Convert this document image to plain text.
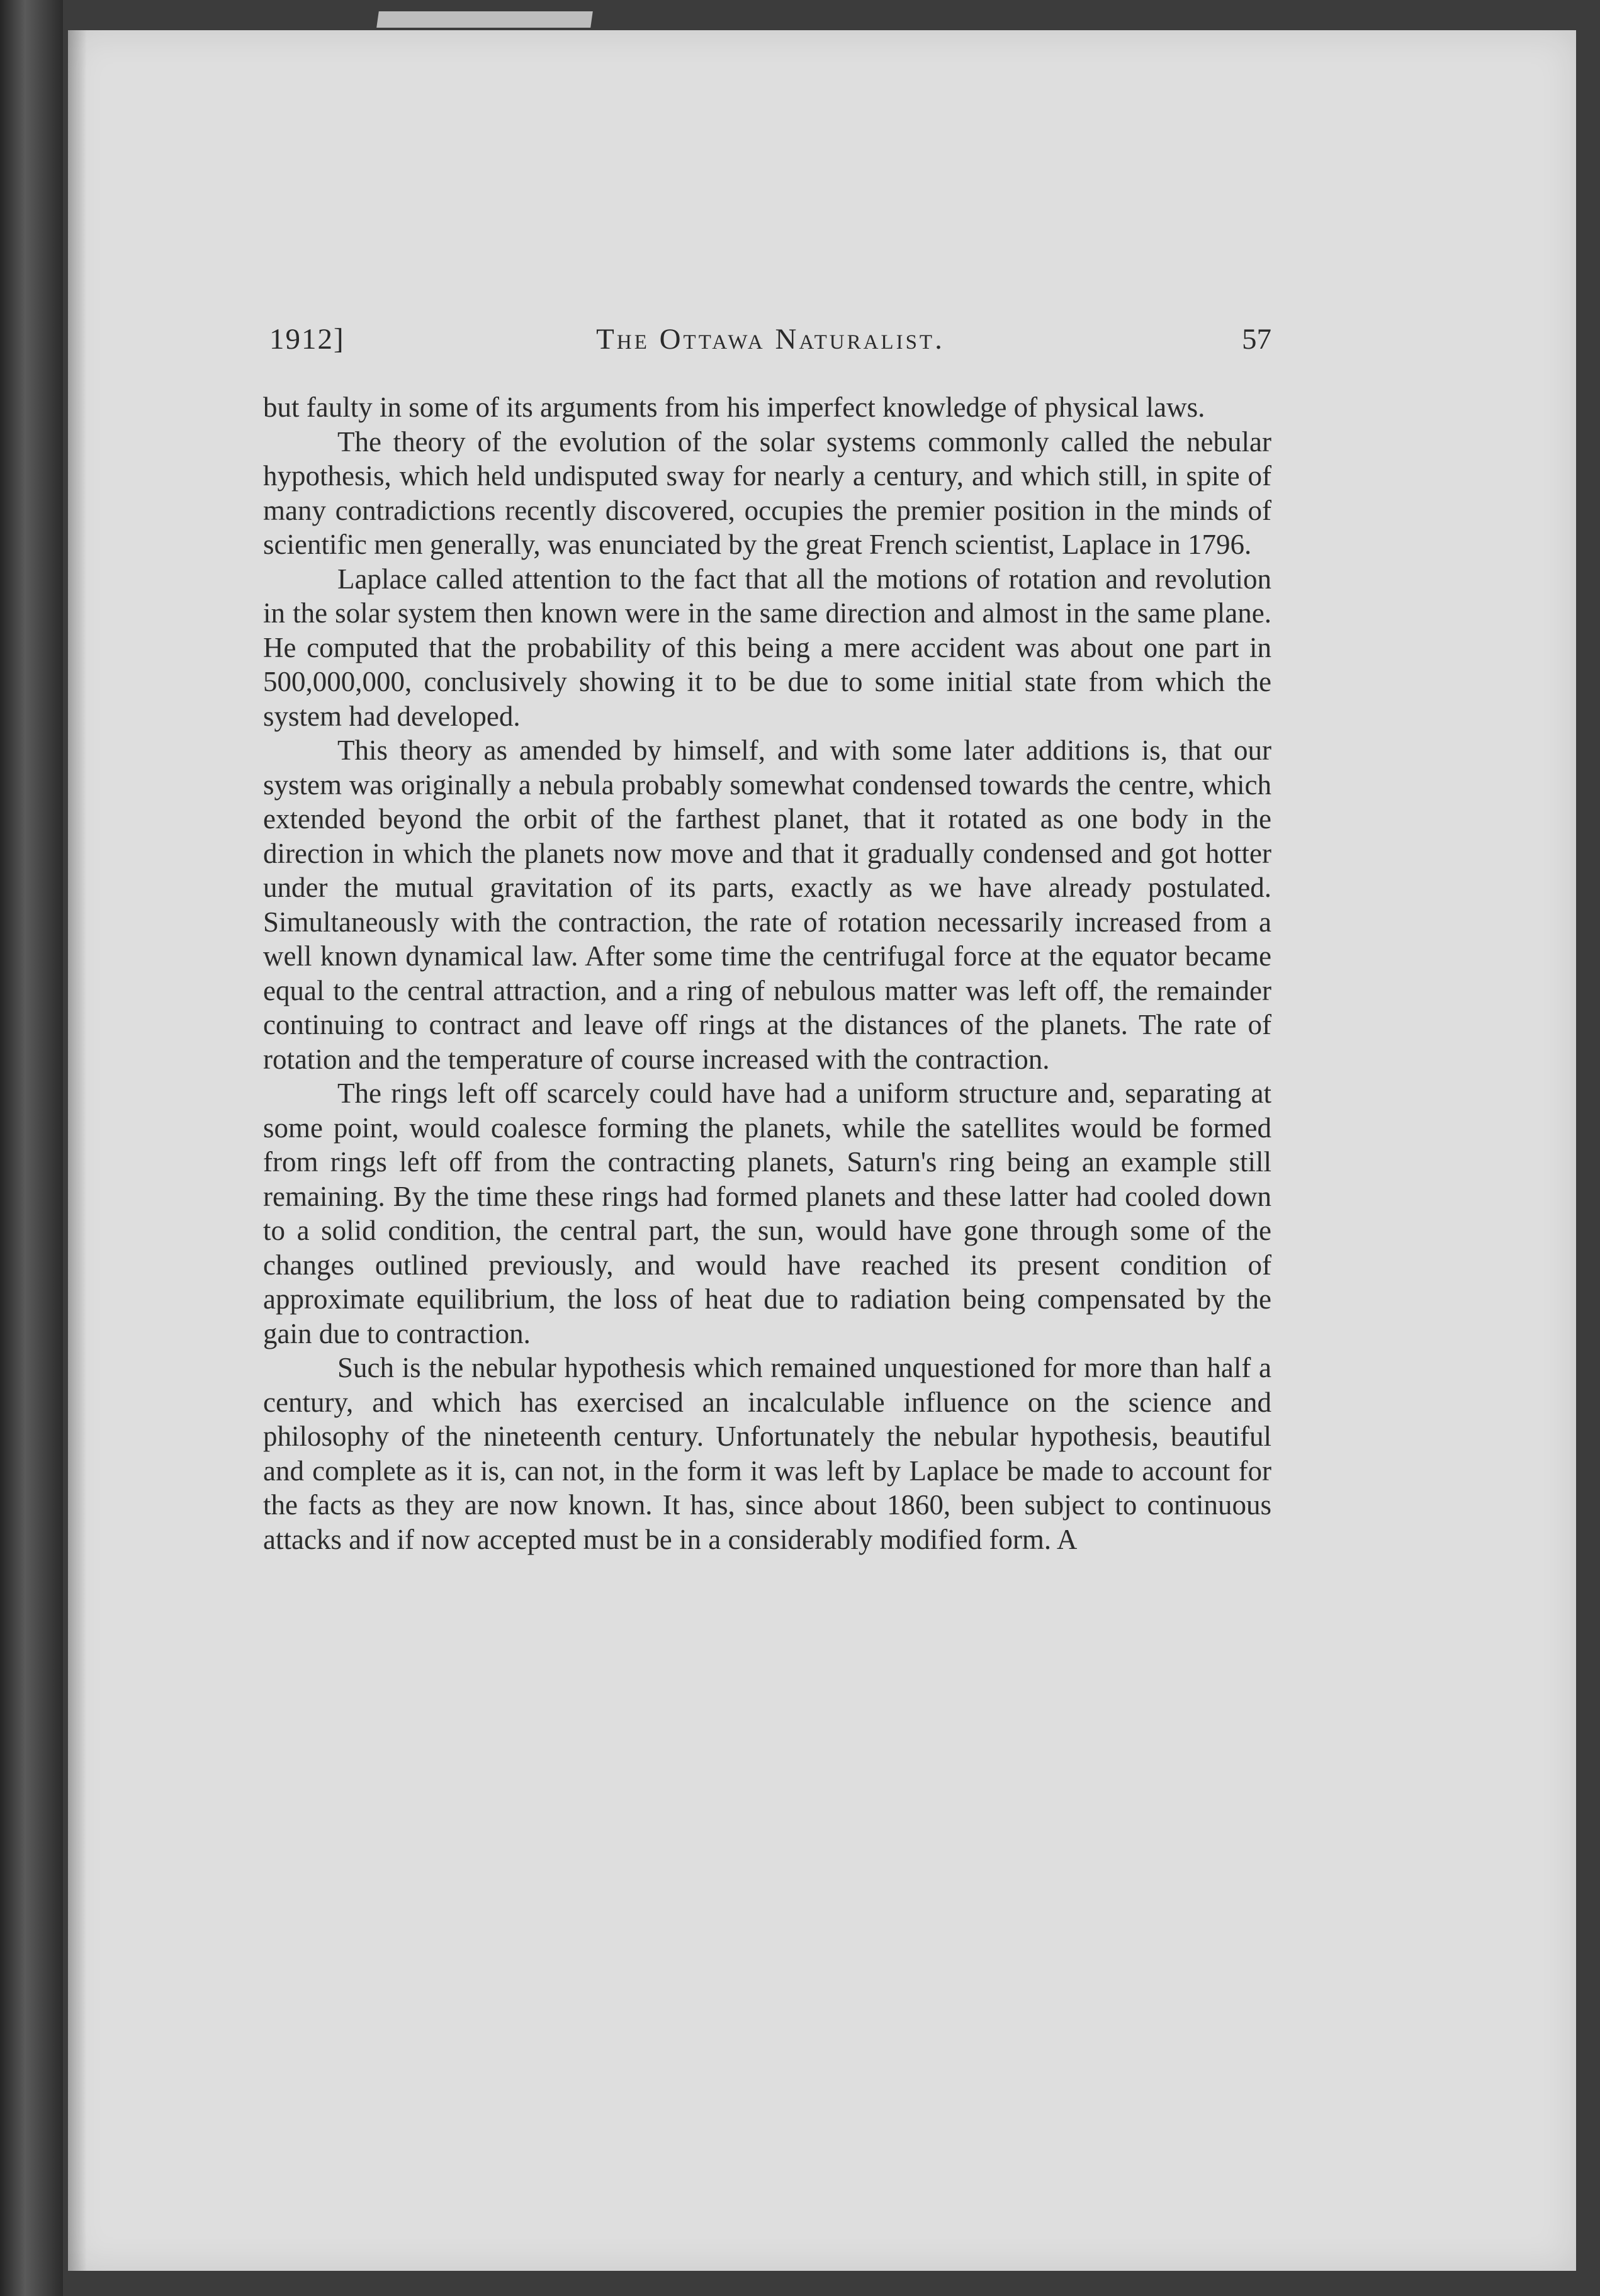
1912]	The Ottawa Naturalist.	57

but faulty in some of its arguments from his imperfect knowledge of physical laws.

The theory of the evolution of the solar systems commonly called the nebular hypothesis, which held undisputed sway for nearly a century, and which still, in spite of many contradictions recently discovered, occupies the premier position in the minds of scientific men generally, was enunciated by the great French scientist, Laplace in 1796.

Laplace called attention to the fact that all the motions of rotation and revolution in the solar system then known were in the same direction and almost in the same plane. He computed that the probability of this being a mere accident was about one part in 500,000,000, conclusively showing it to be due to some initial state from which the system had developed.

This theory as amended by himself, and with some later additions is, that our system was originally a nebula probably somewhat condensed towards the centre, which extended beyond the orbit of the farthest planet, that it rotated as one body in the direction in which the planets now move and that it gradually condensed and got hotter under the mutual gravitation of its parts, exactly as we have already postulated. Simultaneously with the contraction, the rate of rotation necessarily increased from a well known dynamical law. After some time the centrifugal force at the equator became equal to the central attraction, and a ring of nebulous matter was left off, the remainder continuing to contract and leave off rings at the distances of the planets. The rate of rotation and the temperature of course increased with the contraction.

The rings left off scarcely could have had a uniform structure and, separating at some point, would coalesce forming the planets, while the satellites would be formed from rings left off from the contracting planets, Saturn's ring being an example still remaining. By the time these rings had formed planets and these latter had cooled down to a solid condition, the central part, the sun, would have gone through some of the changes outlined previously, and would have reached its present condition of approximate equilibrium, the loss of heat due to radiation being compensated by the gain due to contraction.

Such is the nebular hypothesis which remained unquestioned for more than half a century, and which has exercised an incalculable influence on the science and philosophy of the nineteenth century. Unfortunately the nebular hypothesis, beautiful and complete as it is, can not, in the form it was left by Laplace be made to account for the facts as they are now known. It has, since about 1860, been subject to continuous attacks and if now accepted must be in a considerably modified form. A
